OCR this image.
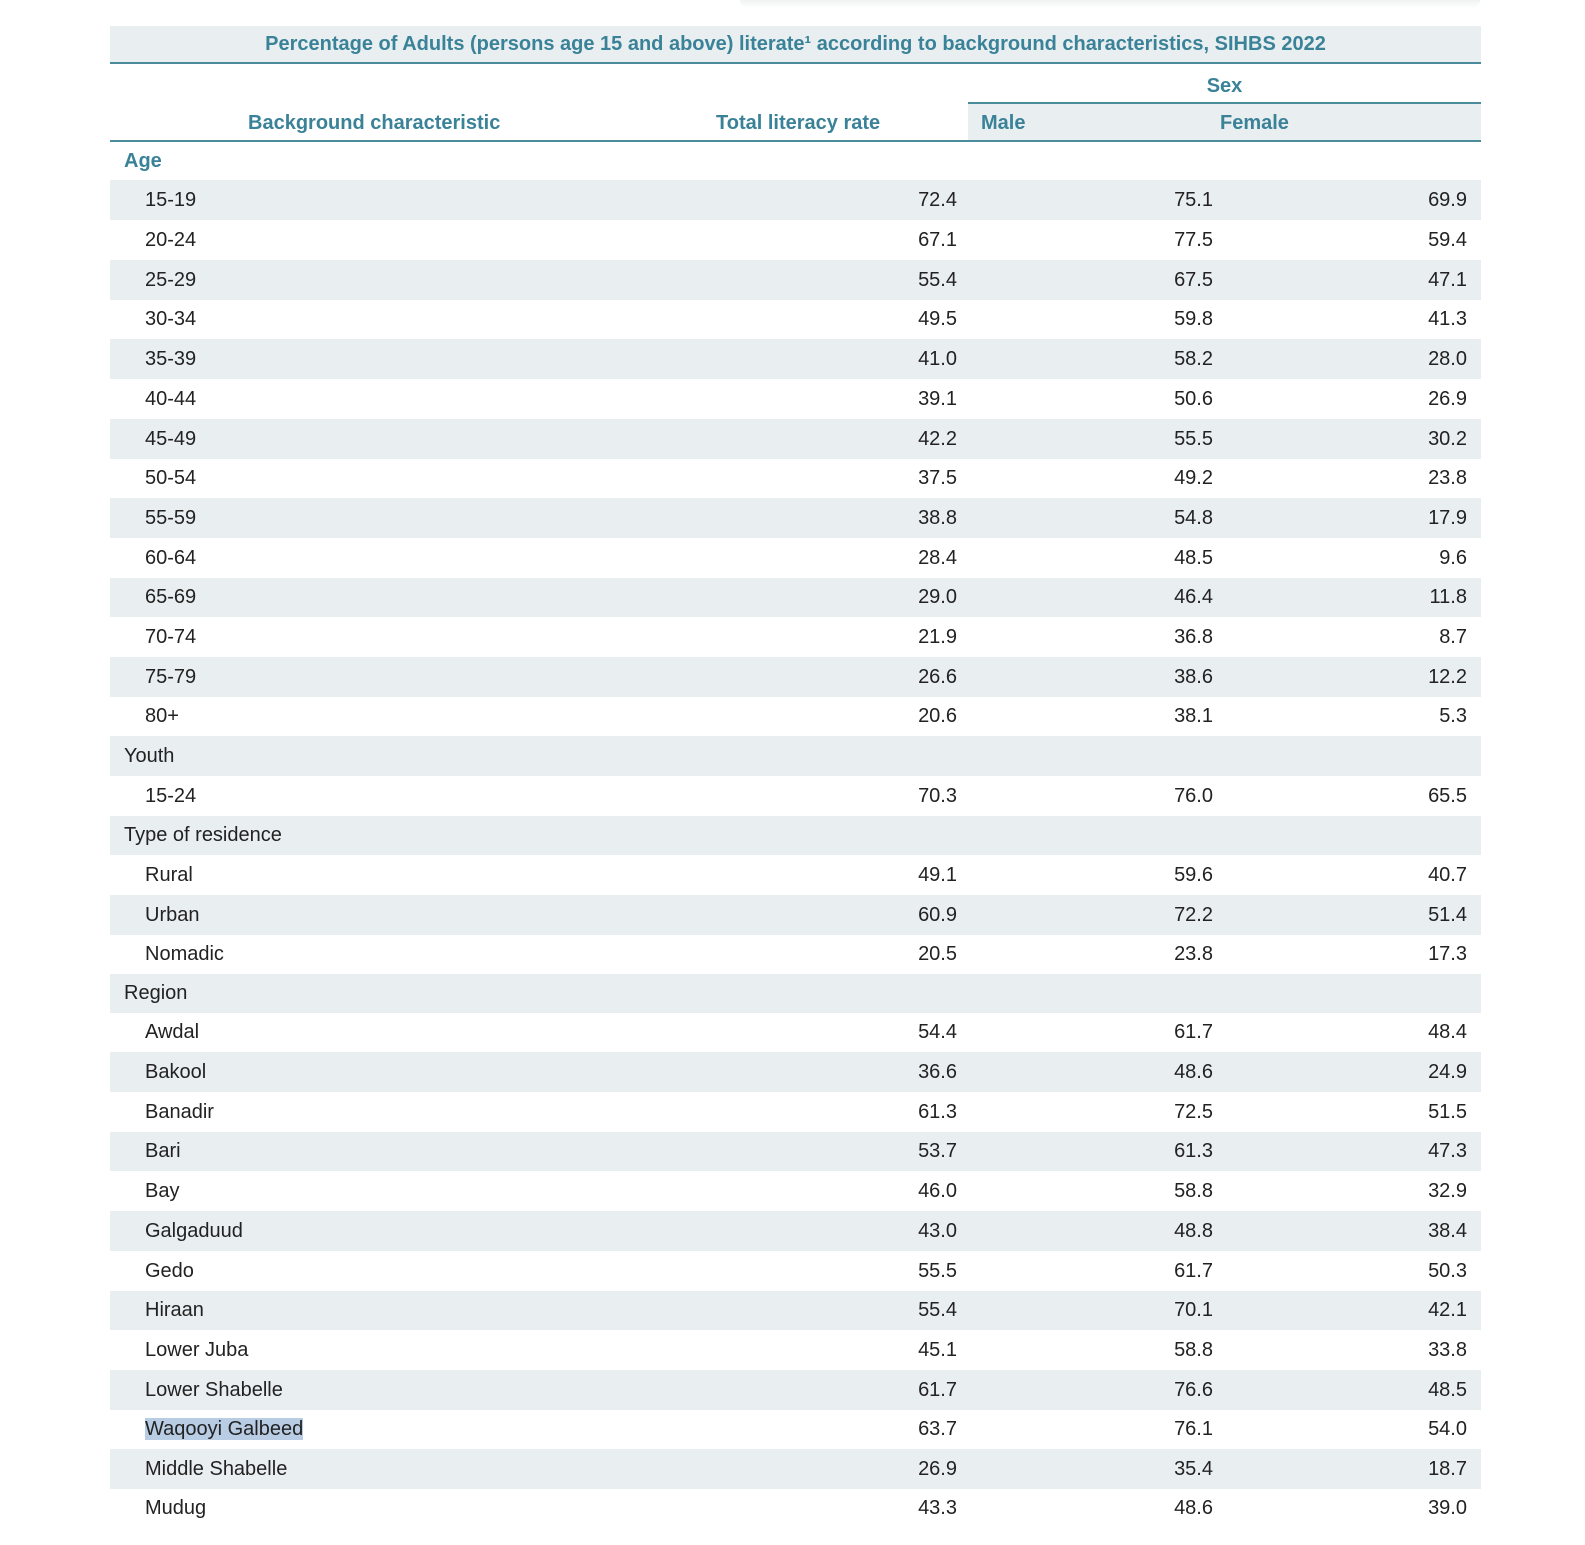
Percentage of Adults (persons age 15 and above) literate¹ according to background characteristics, SIHBS 2022
Background characteristic	Total literacy rate
Sex
Male	Female
Age
15-19	72.4	75.1	69.9
20-24	67.1	77.5	59.4
25-29	55.4	67.5	47.1
30-34	49.5	59.8	41.3
35-39	41.0	58.2	28.0
40-44	39.1	50.6	26.9
45-49	42.2	55.5	30.2
50-54	37.5	49.2	23.8
55-59	38.8	54.8	17.9
60-64	28.4	48.5	9.6
65-69	29.0	46.4	11.8
70-74	21.9	36.8	8.7
75-79	26.6	38.6	12.2
80+	20.6	38.1	5.3
Youth
15-24	70.3	76.0	65.5
Type of residence
Rural	49.1	59.6	40.7
Urban	60.9	72.2	51.4
Nomadic	20.5	23.8	17.3
Region
Awdal	54.4	61.7	48.4
Bakool	36.6	48.6	24.9
Banadir	61.3	72.5	51.5
Bari	53.7	61.3	47.3
Bay	46.0	58.8	32.9
Galgaduud	43.0	48.8	38.4
Gedo	55.5	61.7	50.3
Hiraan	55.4	70.1	42.1
Lower Juba	45.1	58.8	33.8
Lower Shabelle	61.7	76.6	48.5
Waqooyi Galbeed	63.7	76.1	54.0
Middle Shabelle	26.9	35.4	18.7
Mudug	43.3	48.6	39.0
